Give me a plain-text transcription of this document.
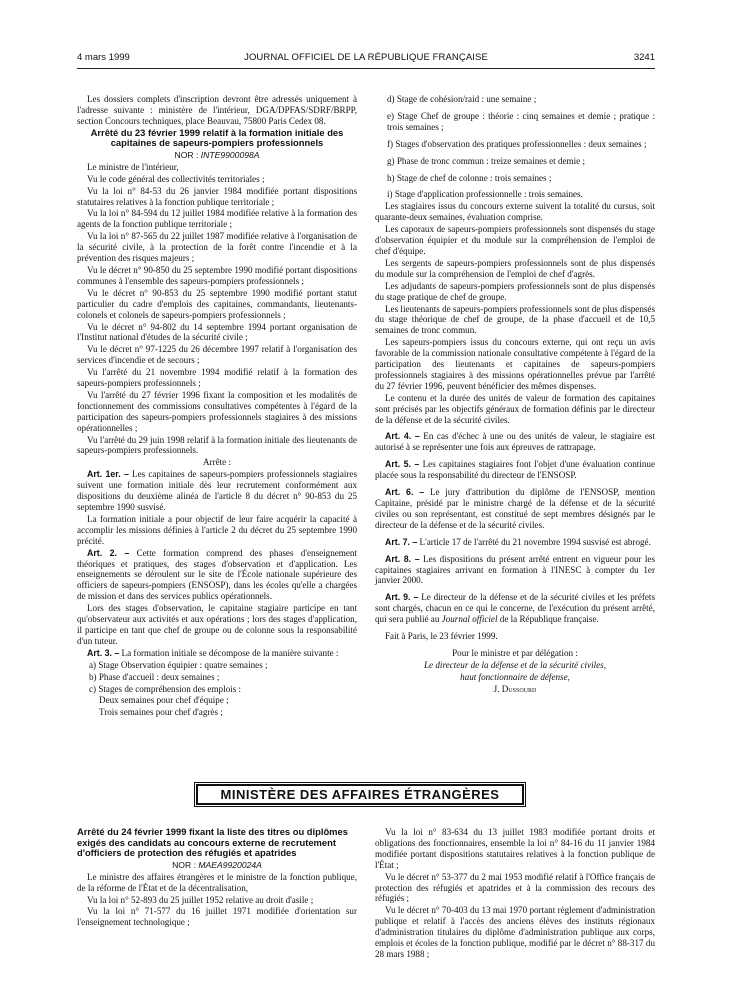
4 mars 1999	JOURNAL OFFICIEL DE LA RÉPUBLIQUE FRANÇAISE	3241

Les dossiers complets d'inscription devront être adressés uniquement à l'adresse suivante : ministère de l'intérieur, DGA/DPFAS/SDRF/BRPP, section Concours techniques, place Beauvau, 75800 Paris Cedex 08.

Arrêté du 23 février 1999 relatif à la formation initiale des capitaines de sapeurs-pompiers professionnels

NOR : INTE9900098A

Le ministre de l'intérieur,

Vu le code général des collectivités territoriales ;

Vu la loi n° 84-53 du 26 janvier 1984 modifiée portant dispositions statutaires relatives à la fonction publique territoriale ;

Vu la loi n° 84-594 du 12 juillet 1984 modifiée relative à la formation des agents de la fonction publique territoriale ;

Vu la loi n° 87-565 du 22 juillet 1987 modifiée relative à l'organisation de la sécurité civile, à la protection de la forêt contre l'incendie et à la prévention des risques majeurs ;

Vu le décret n° 90-850 du 25 septembre 1990 modifié portant dispositions communes à l'ensemble des sapeurs-pompiers professionnels ;

Vu le décret n° 90-853 du 25 septembre 1990 modifié portant statut particulier du cadre d'emplois des capitaines, commandants, lieutenants-colonels et colonels de sapeurs-pompiers professionnels ;

Vu le décret n° 94-802 du 14 septembre 1994 portant organisation de l'Institut national d'études de la sécurité civile ;

Vu le décret n° 97-1225 du 26 décembre 1997 relatif à l'organisation des services d'incendie et de secours ;

Vu l'arrêté du 21 novembre 1994 modifié relatif à la formation des sapeurs-pompiers professionnels ;

Vu l'arrêté du 27 février 1996 fixant la composition et les modalités de fonctionnement des commissions consultatives compétentes à l'égard de la participation des sapeurs-pompiers professionnels stagiaires à des missions opérationnelles ;

Vu l'arrêté du 29 juin 1998 relatif à la formation initiale des lieutenants de sapeurs-pompiers professionnels.

Arrête :

Art. 1er. – Les capitaines de sapeurs-pompiers professionnels stagiaires suivent une formation initiale dès leur recrutement conformément aux dispositions du deuxième alinéa de l'article 8 du décret n° 90-853 du 25 septembre 1990 susvisé.

La formation initiale a pour objectif de leur faire acquérir la capacité à accomplir les missions définies à l'article 2 du décret du 25 septembre 1990 précité.

Art. 2. – Cette formation comprend des phases d'enseignement théoriques et pratiques, des stages d'observation et d'application. Les enseignements se déroulent sur le site de l'École nationale supérieure des officiers de sapeurs-pompiers (ENSOSP), dans les écoles qu'elle a chargées de mission et dans des services publics opérationnels.

Lors des stages d'observation, le capitaine stagiaire participe en tant qu'observateur aux activités et aux opérations ; lors des stages d'application, il participe en tant que chef de groupe ou de colonne sous la responsabilité d'un tuteur.

Art. 3. – La formation initiale se décompose de la manière suivante :

a) Stage Observation équipier : quatre semaines ;

b) Phase d'accueil : deux semaines ;

c) Stages de compréhension des emplois :

Deux semaines pour chef d'équipe ;

Trois semaines pour chef d'agrès ;

d) Stage de cohésion/raid : une semaine ;

e) Stage Chef de groupe : théorie : cinq semaines et demie ; pratique : trois semaines ;

f) Stages d'observation des pratiques professionnelles : deux semaines ;

g) Phase de tronc commun : treize semaines et demie ;

h) Stage de chef de colonne : trois semaines ;

i) Stage d'application professionnelle : trois semaines.

Les stagiaires issus du concours externe suivent la totalité du cursus, soit quarante-deux semaines, évaluation comprise.

Les caporaux de sapeurs-pompiers professionnels sont dispensés du stage d'observation équipier et du module sur la compréhension de l'emploi de chef d'équipe.

Les sergents de sapeurs-pompiers professionnels sont de plus dispensés du module sur la compréhension de l'emploi de chef d'agrès.

Les adjudants de sapeurs-pompiers professionnels sont de plus dispensés du stage pratique de chef de groupe.

Les lieutenants de sapeurs-pompiers professionnels sont de plus dispensés du stage théorique de chef de groupe, de la phase d'accueil et de 10,5 semaines de tronc commun.

Les sapeurs-pompiers issus du concours externe, qui ont reçu un avis favorable de la commission nationale consultative compétente à l'égard de la participation des lieutenants et capitaines de sapeurs-pompiers professionnels stagiaires à des missions opérationnelles prévue par l'arrêté du 27 février 1996, peuvent bénéficier des mêmes dispenses.

Le contenu et la durée des unités de valeur de formation des capitaines sont précisés par les objectifs généraux de formation définis par le directeur de la défense et de la sécurité civiles.

Art. 4. – En cas d'échec à une ou des unités de valeur, le stagiaire est autorisé à se représenter une fois aux épreuves de rattrapage.

Art. 5. – Les capitaines stagiaires font l'objet d'une évaluation continue placée sous la responsabilité du directeur de l'ENSOSP.

Art. 6. – Le jury d'attribution du diplôme de l'ENSOSP, mention Capitaine, présidé par le ministre chargé de la défense et de la sécurité civiles ou son représentant, est constitué de sept membres désignés par le directeur de la défense et de la sécurité civiles.

Art. 7. – L'article 17 de l'arrêté du 21 novembre 1994 susvisé est abrogé.

Art. 8. – Les dispositions du présent arrêté entrent en vigueur pour les capitaines stagiaires arrivant en formation à l'INESC à compter du 1er janvier 2000.

Art. 9. – Le directeur de la défense et de la sécurité civiles et les préfets sont chargés, chacun en ce qui le concerne, de l'exécution du présent arrêté, qui sera publié au Journal officiel de la République française.

Fait à Paris, le 23 février 1999.

Pour le ministre et par délégation :

Le directeur de la défense et de la sécurité civiles,

haut fonctionnaire de défense,

J. Dussourd

MINISTÈRE DES AFFAIRES ÉTRANGÈRES

Arrêté du 24 février 1999 fixant la liste des titres ou diplômes exigés des candidats au concours externe de recrutement d'officiers de protection des réfugiés et apatrides

NOR : MAEA9920024A

Le ministre des affaires étrangères et le ministre de la fonction publique, de la réforme de l'État et de la décentralisation,

Vu la loi n° 52-893 du 25 juillet 1952 relative au droit d'asile ;

Vu la loi n° 71-577 du 16 juillet 1971 modifiée d'orientation sur l'enseignement technologique ;

Vu la loi n° 83-634 du 13 juillet 1983 modifiée portant droits et obligations des fonctionnaires, ensemble la loi n° 84-16 du 11 janvier 1984 modifiée portant dispositions statutaires relatives à la fonction publique de l'État ;

Vu le décret n° 53-377 du 2 mai 1953 modifié relatif à l'Office français de protection des réfugiés et apatrides et à la commission des recours des réfugiés ;

Vu le décret n° 70-403 du 13 mai 1970 portant règlement d'administration publique et relatif à l'accès des anciens élèves des instituts régionaux d'administration titulaires du diplôme d'administration publique aux corps, emplois et écoles de la fonction publique, modifié par le décret n° 88-317 du 28 mars 1988 ;
